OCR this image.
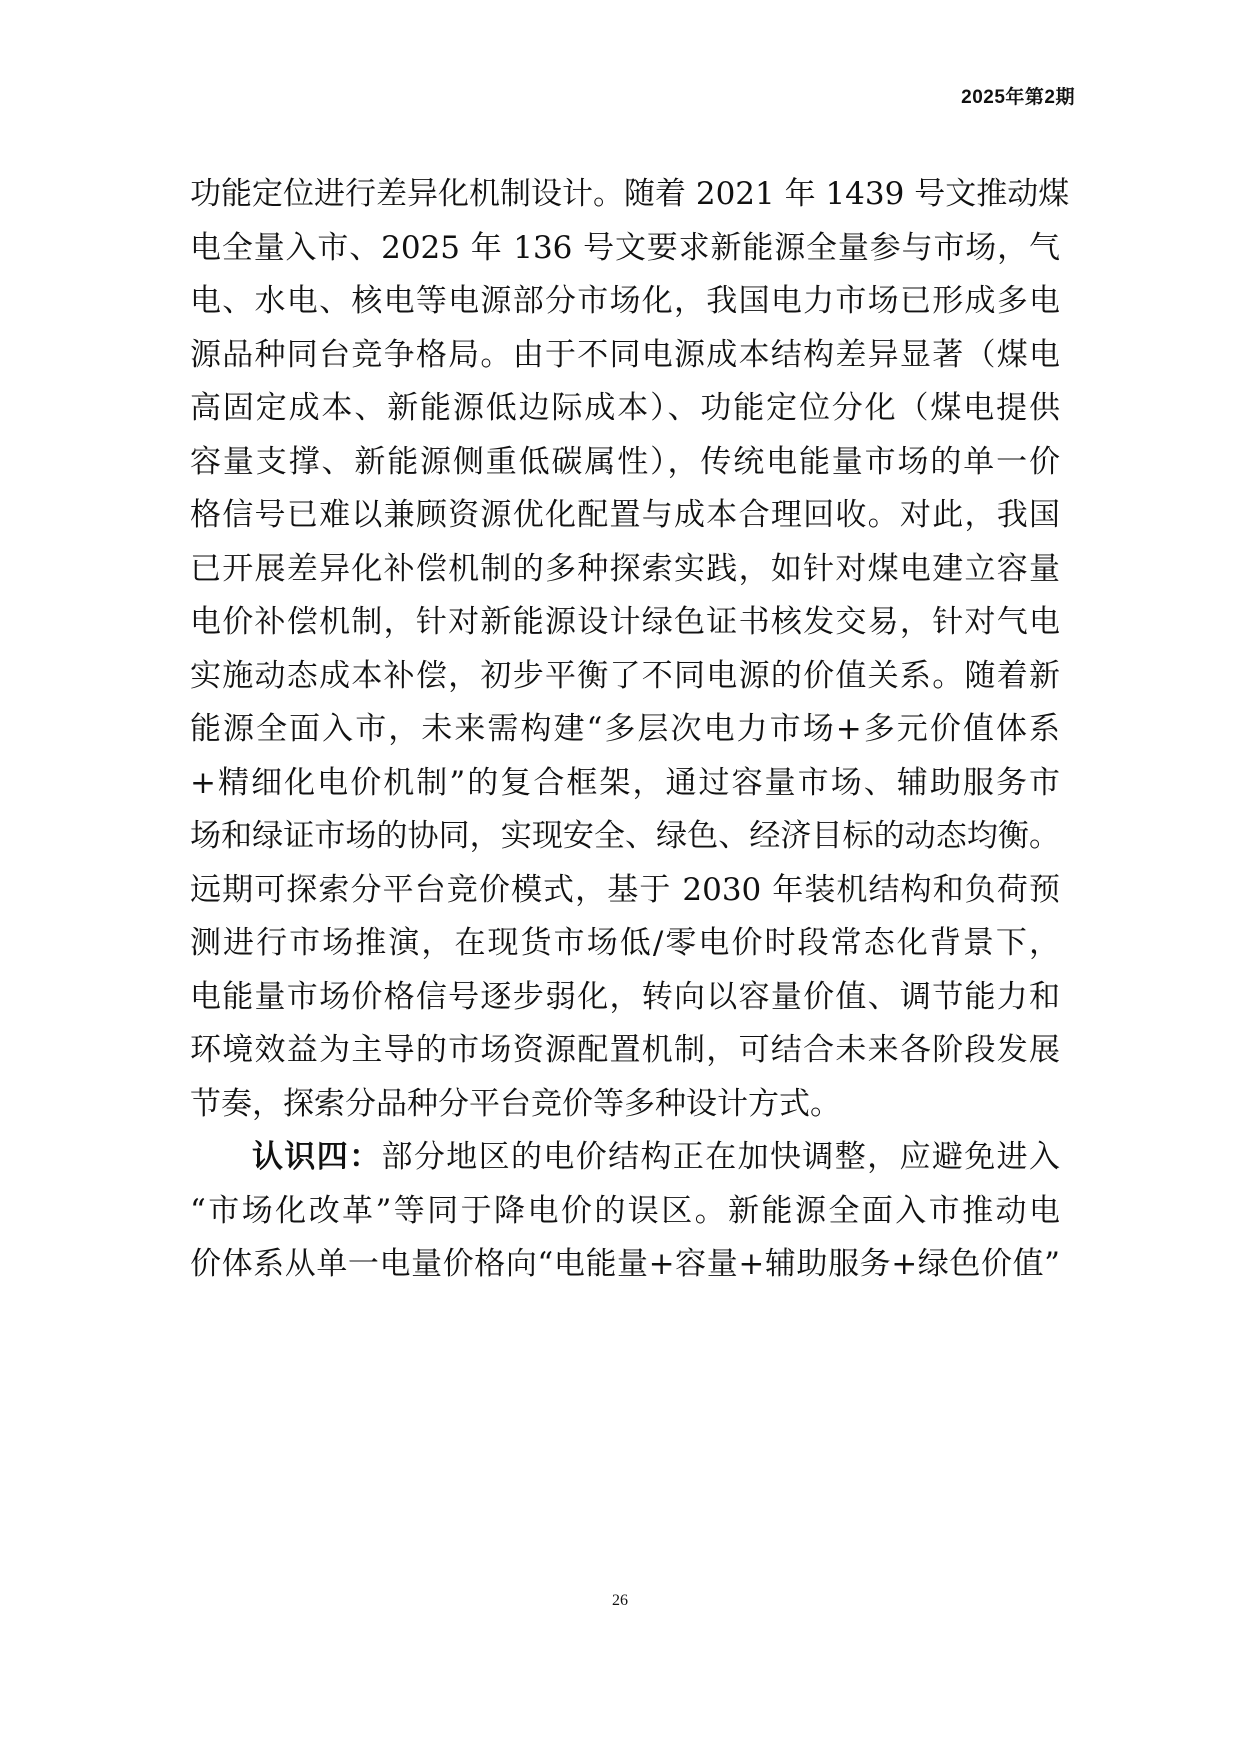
2025年第2期
功能定位进行差异化机制设计。随着 2021 年 1439 号文推动煤
电全量入市、2025 年 136 号文要求新能源全量参与市场，气
电、水电、核电等电源部分市场化，我国电力市场已形成多电
源品种同台竞争格局。由于不同电源成本结构差异显著（煤电
高固定成本、新能源低边际成本）、功能定位分化（煤电提供
容量支撑、新能源侧重低碳属性），传统电能量市场的单一价
格信号已难以兼顾资源优化配置与成本合理回收。对此，我国
已开展差异化补偿机制的多种探索实践，如针对煤电建立容量
电价补偿机制，针对新能源设计绿色证书核发交易，针对气电
实施动态成本补偿，初步平衡了不同电源的价值关系。随着新
能源全面入市，未来需构建“多层次电力市场+多元价值体系
+精细化电价机制”的复合框架，通过容量市场、辅助服务市
场和绿证市场的协同，实现安全、绿色、经济目标的动态均衡。
远期可探索分平台竞价模式，基于 2030 年装机结构和负荷预
测进行市场推演，在现货市场低/零电价时段常态化背景下，
电能量市场价格信号逐步弱化，转向以容量价值、调节能力和
环境效益为主导的市场资源配置机制，可结合未来各阶段发展
节奏，探索分品种分平台竞价等多种设计方式。
认识四：部分地区的电价结构正在加快调整，应避免进入
“市场化改革”等同于降电价的误区。新能源全面入市推动电
价体系从单一电量价格向“电能量+容量+辅助服务+绿色价值”
26
